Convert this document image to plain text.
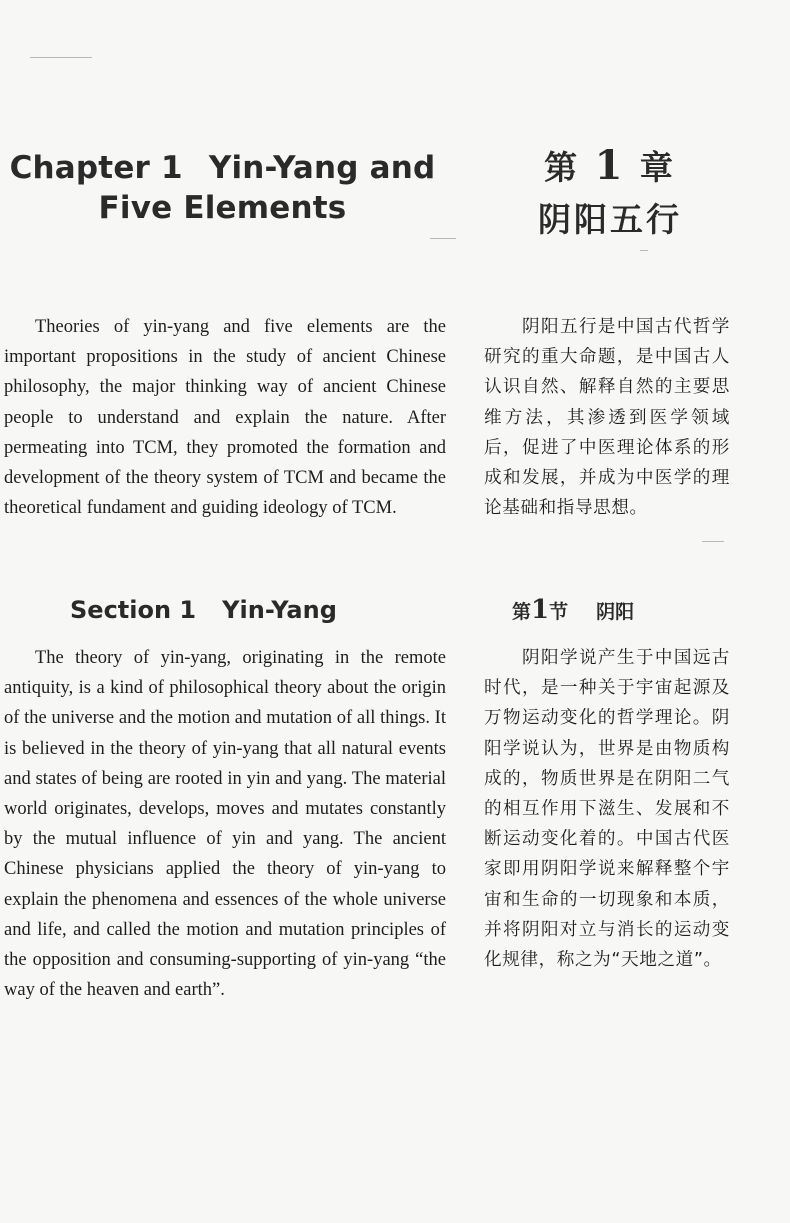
Chapter 1 Yin-Yang and
Five Elements
第 1 章
阴阳五行

Theories of yin-yang and five elements are the important propositions in the study of ancient Chinese philosophy, the major thinking way of ancient Chinese people to understand and explain the nature. After permeating into TCM, they promoted the formation and development of the theory system of TCM and became the theoretical fundament and guiding ideology of TCM.

阴阳五行是中国古代哲学研究的重大命题，是中国古人认识自然、解释自然的主要思维方法，其渗透到医学领域后，促进了中医理论体系的形成和发展，并成为中医学的理论基础和指导思想。

Section 1 Yin-Yang	第1节 阴阳

The theory of yin-yang, originating in the remote antiquity, is a kind of philosophical theory about the origin of the universe and the motion and mutation of all things. It is believed in the theory of yin-yang that all natural events and states of being are rooted in yin and yang. The material world originates, develops, moves and mutates constantly by the mutual influence of yin and yang. The ancient Chinese physicians applied the theory of yin-yang to explain the phenomena and essences of the whole universe and life, and called the motion and mutation principles of the opposition and consuming-supporting of yin-yang “the way of the heaven and earth”.

阴阳学说产生于中国远古时代，是一种关于宇宙起源及万物运动变化的哲学理论。阴阳学说认为，世界是由物质构成的，物质世界是在阴阳二气的相互作用下滋生、发展和不断运动变化着的。中国古代医家即用阴阳学说来解释整个宇宙和生命的一切现象和本质，并将阴阳对立与消长的运动变化规律，称之为“天地之道”。
